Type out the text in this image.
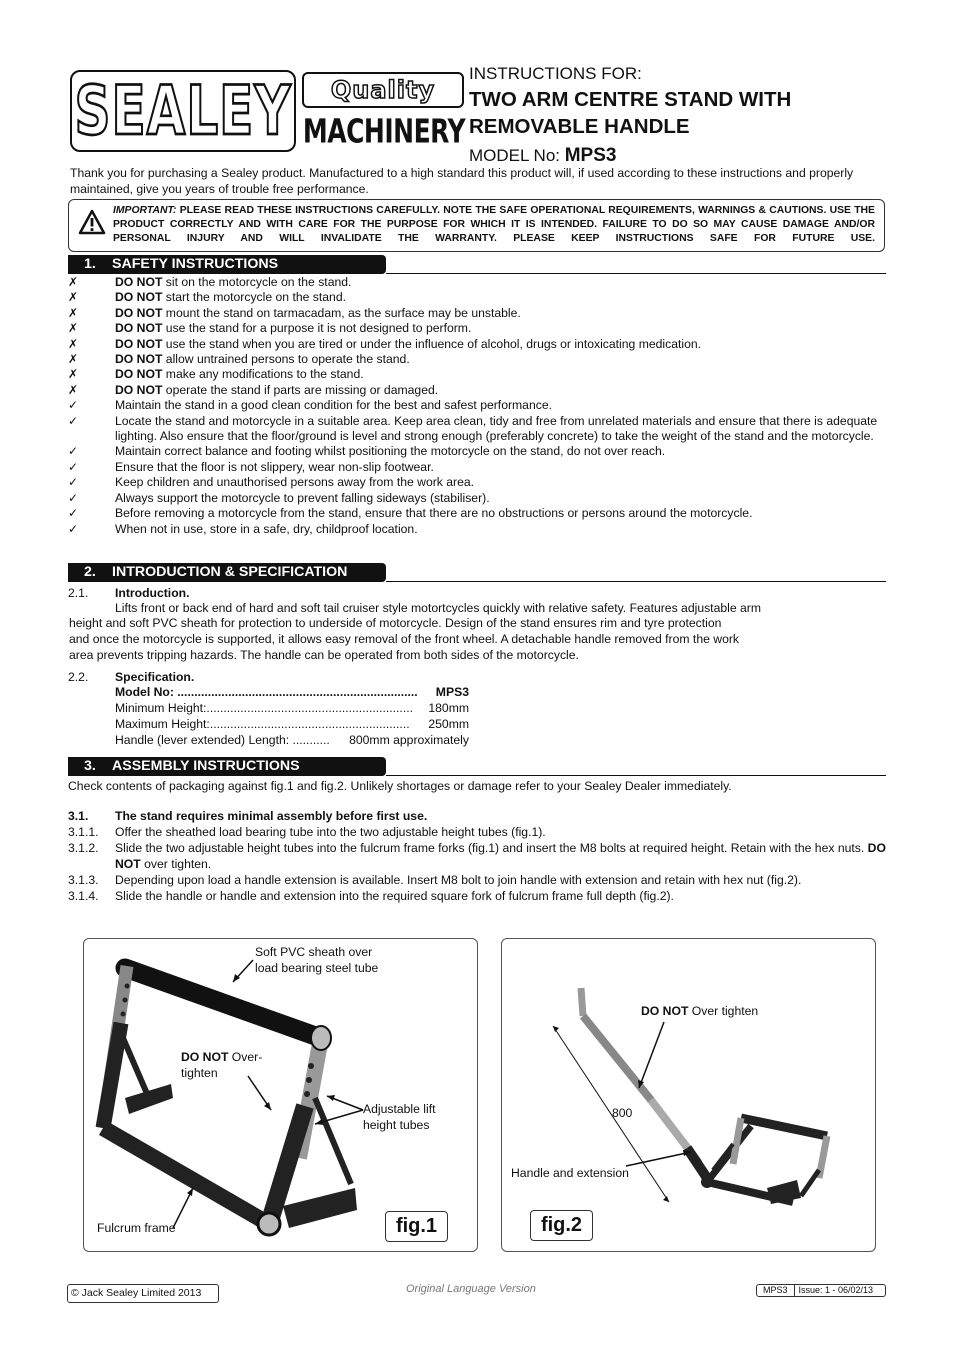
SEALEY Quality
MACHINERY
INSTRUCTIONS FOR:
TWO ARM CENTRE STAND WITH
REMOVABLE HANDLE
MODEL No: MPS3
Thank you for purchasing a Sealey product. Manufactured to a high standard this product will, if used according to these instructions and properly maintained, give you years of trouble free performance.
IMPORTANT: PLEASE READ THESE INSTRUCTIONS CAREFULLY. NOTE THE SAFE OPERATIONAL REQUIREMENTS, WARNINGS & CAUTIONS. USE THE PRODUCT CORRECTLY AND WITH CARE FOR THE PURPOSE FOR WHICH IT IS INTENDED. FAILURE TO DO SO MAY CAUSE DAMAGE AND/OR PERSONAL INJURY AND WILL INVALIDATE THE WARRANTY. PLEASE KEEP INSTRUCTIONS SAFE FOR FUTURE USE.
1. SAFETY INSTRUCTIONS
✗	DO NOT sit on the motorcycle on the stand.
✗	DO NOT start the motorcycle on the stand.
✗	DO NOT mount the stand on tarmacadam, as the surface may be unstable.
✗	DO NOT use the stand for a purpose it is not designed to perform.
✗	DO NOT use the stand when you are tired or under the influence of alcohol, drugs or intoxicating medication.
✗	DO NOT allow untrained persons to operate the stand.
✗	DO NOT make any modifications to the stand.
✗	DO NOT operate the stand if parts are missing or damaged.
✓	Maintain the stand in a good clean condition for the best and safest performance.
✓	Locate the stand and motorcycle in a suitable area. Keep area clean, tidy and free from unrelated materials and ensure that there is adequate lighting. Also ensure that the floor/ground is level and strong enough (preferably concrete) to take the weight of the stand and the motorcycle.
✓	Maintain correct balance and footing whilst positioning the motorcycle on the stand, do not over reach.
✓	Ensure that the floor is not slippery, wear non-slip footwear.
✓	Keep children and unauthorised persons away from the work area.
✓	Always support the motorcycle to prevent falling sideways (stabiliser).
✓	Before removing a motorcycle from the stand, ensure that there are no obstructions or persons around the motorcycle.
✓	When not in use, store in a safe, dry, childproof location.
2. INTRODUCTION & SPECIFICATION
2.1. Introduction.
Lifts front or back end of hard and soft tail cruiser style motortcycles quickly with relative safety. Features adjustable arm
height and soft PVC sheath for protection to underside of motorcycle. Design of the stand ensures rim and tyre protection
and once the motorcycle is supported, it allows easy removal of the front wheel. A detachable handle removed from the work
area prevents tripping hazards. The handle can be operated from both sides of the motorcycle.
2.2. Specification.
Model No: .......................................................................	MPS3
Minimum Height:.............................................................	180mm
Maximum Height:...........................................................	250mm
Handle (lever extended) Length: ...........	800mm approximately
3. ASSEMBLY INSTRUCTIONS
Check contents of packaging against fig.1 and fig.2. Unlikely shortages or damage refer to your Sealey Dealer immediately.
3.1.	The stand requires minimal assembly before first use.
3.1.1.	Offer the sheathed load bearing tube into the two adjustable height tubes (fig.1).
3.1.2.	Slide the two adjustable height tubes into the fulcrum frame forks (fig.1) and insert the M8 bolts at required height. Retain with the hex nuts. DO NOT over tighten.
3.1.3.	Depending upon load a handle extension is available. Insert M8 bolt to join handle with extension and retain with hex nut (fig.2).
3.1.4.	Slide the handle or handle and extension into the required square fork of fulcrum frame full depth (fig.2).
Soft PVC sheath over
load bearing steel tube
DO NOT Over-
tighten
Adjustable lift
height tubes
Fulcrum frame	fig.1
DO NOT Over tighten
800
Handle and extension
fig.2
© Jack Sealey Limited 2013	Original Language Version	MPS3	Issue: 1 - 06/02/13
